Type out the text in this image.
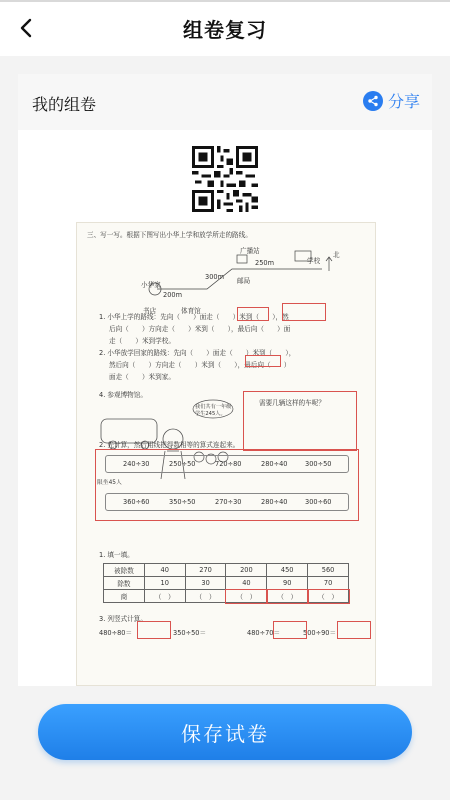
组卷复习
我的组卷	分享
三、写一写。根据下图写出小华上学和放学所走的路线。
广播站
学校
小华家
书店	体育馆
邮局
北
250m
300m
200m
1. 小华上学的路线：先向（　　）面走（　　）米到（　　），然
后向（　　）方向走（　　）米到（　　），最后向（　　）面
走（　　）米到学校。
2. 小华放学回家的路线：先向（　　）面走（　　）米到（　　），
然后向（　　）方向走（　　）米到（　　），最后向（　　）
面走（　　）米到家。
4. 参观博物馆。
限坐45人
我们共有一年级学生245人。
需要几辆这样的车呢？
2. 先计算，然后用线把得数相等的算式连起来。
240÷30	250÷50	720÷80	280÷40	300÷50
360÷60	350÷50	270÷30	280÷40	300÷60
1. 填一填。
被除数	40	270	200	450	560
除数	10	30	40	90	70
商	（　）	（　）	（　）	（　）	（　）
3. 列竖式计算。
480÷80＝	350÷50＝	480÷70＝	500÷90＝
保存试卷
